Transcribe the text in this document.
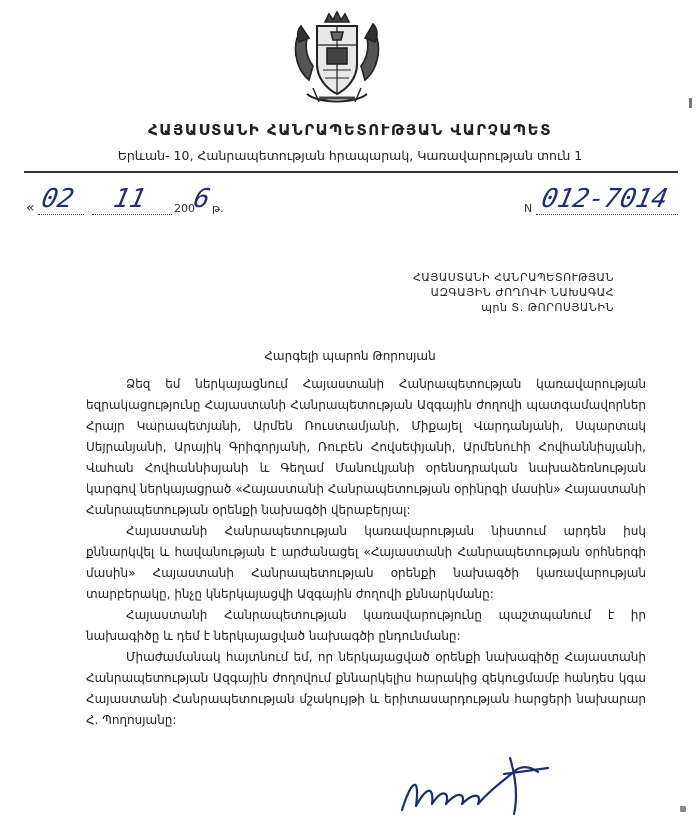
ՀԱՅԱՍՏԱՆԻ ՀԱՆՐԱՊԵՏՈՒԹՅԱՆ ՎԱՐՉԱՊԵՏ
Երևան- 10, Հանրապետության հրապարակ, Կառավարության տուն 1
« 02 11 200
6 թ.	N 012-7014
ՀԱՅԱՍՏԱՆԻ ՀԱՆՐԱՊԵՏՈՒԹՅԱՆ
ԱԶԳԱՅԻՆ ԺՈՂՈՎԻ ՆԱԽԱԳԱՀ
պրն Տ. ԹՈՐՈՍՅԱՆԻՆ
Հարգելի պարոն Թորոսյան

Ձեզ եմ ներկայացնում Հայաստանի Հանրապետության կառավարության եզրակացությունը Հայաստանի Հանրապետության Ազգային ժողովի պատգամավորներ Հրայր Կարապետյանի, Արմեն Ռուստամյանի, Միքայել Վարդանյանի, Սպարտակ Սեյրանյանի, Արայիկ Գրիգորյանի, Ռուբեն Հովսեփյանի, Արմենուհի Հովհաննիսյանի, Վահան Հովհաննիսյանի և Գեղամ Մանուկյանի օրենսդրական նախաձեռնության կարգով ներկայացրած «Հայաստանի Հանրապետության օրինրգի մասին» Հայաստանի Հանրապետության օրենքի նախագծի վերաբերյալ:

Հայաստանի Հանրապետության կառավարության նիստում արդեն իսկ քննարկվել և հավանության է արժանացել «Հայաստանի Հանրապետության օրհներգի մասին» Հայաստանի Հանրապետության օրենքի նախագծի կառավարության տարբերակը, ինչը կներկայացվի Ազգային ժողովի քննարկմանը:

Հայաստանի Հանրապետության կառավարությունը պաշտպանում է իր նախագիծը և դեմ է ներկայացված նախագծի ընդունմանը:

Միաժամանակ հայտնում եմ, որ ներկայացված օրենքի նախագիծը Հայաստանի Հանրապետության Ազգային ժողովում քննարկելիս հարակից զեկուցմամբ հանդես կգա Հայաստանի Հանրապետության մշակույթի և երիտասարդության հարցերի նախարար Հ. Պողոսյանը:
